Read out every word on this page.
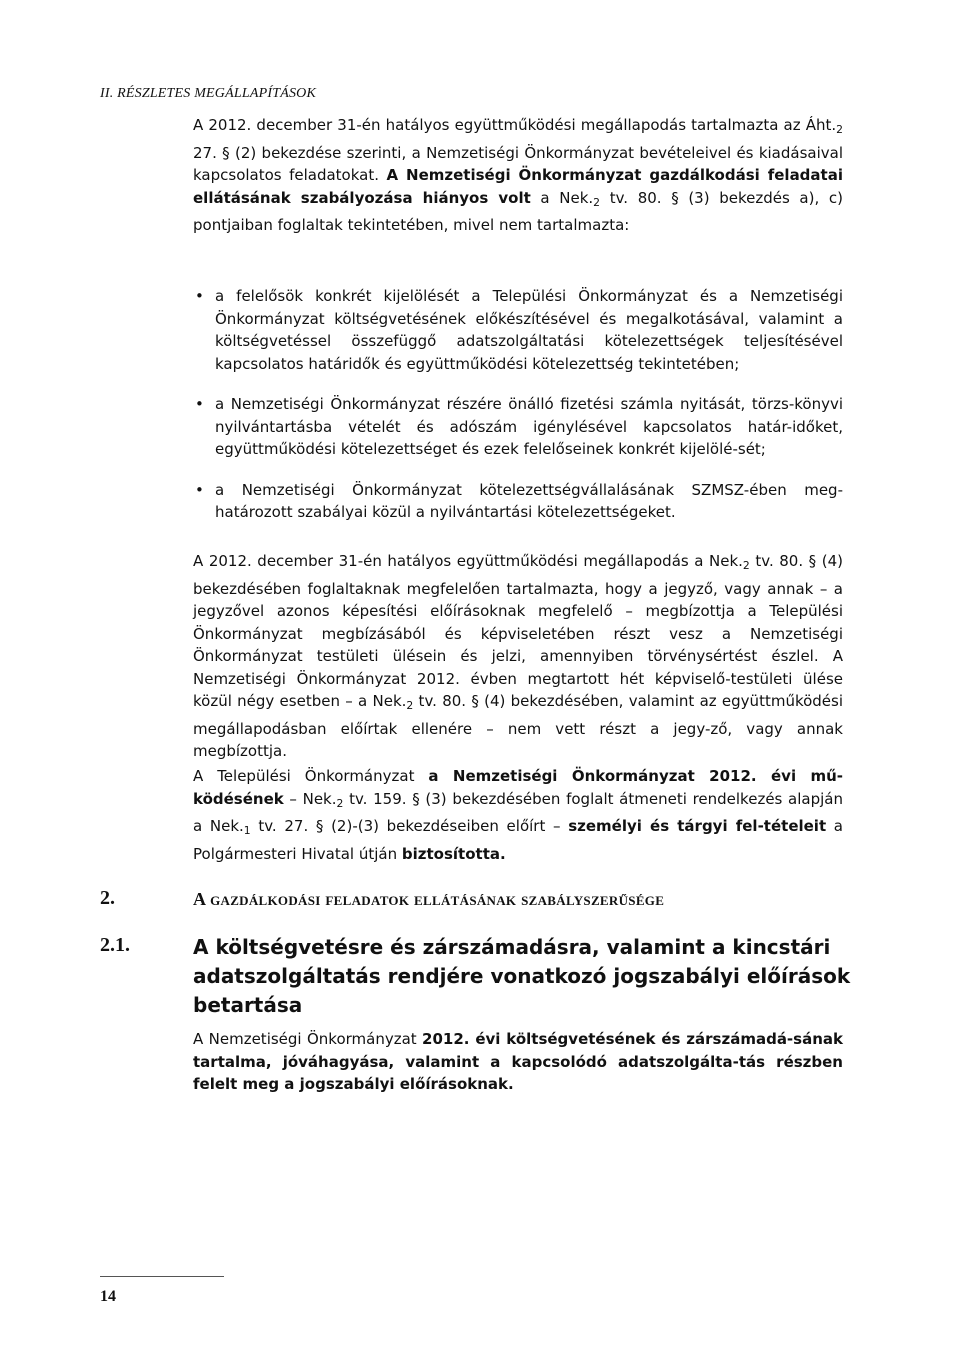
II. RÉSZLETES MEGÁLLAPÍTÁSOK

A 2012. december 31-én hatályos együttműködési megállapodás tartalmazta az $Áht._2$ 27. § (2) bekezdése szerinti, a Nemzetiségi Önkormányzat bevételeivel és kiadásaival kapcsolatos feladatokat. A Nemzetiségi Önkormányzat gazdálkodási feladatai ellátásának szabályozása hiányos volt a $Nek._2$ tv. 80. § (3) bekezdés a), c) pontjaiban foglaltak tekintetében, mivel nem tartalmazta:

• a felelősök konkrét kijelölését a Települési Önkormányzat és a Nemzetiségi Önkormányzat költségvetésének előkészítésével és megalkotásával, valamint a költségvetéssel összefüggő adatszolgáltatási kötelezettségek teljesítésével kapcsolatos határidők és együttműködési kötelezettség tekintetében;
• a Nemzetiségi Önkormányzat részére önálló fizetési számla nyitását, törzs-könyvi nyilvántartásba vételét és adószám igénylésével kapcsolatos határ-időket, együttműködési kötelezettséget és ezek felelőseinek konkrét kijelölé-sét;
• a Nemzetiségi Önkormányzat kötelezettségvállalásának SZMSZ-ében meg-határozott szabályai közül a nyilvántartási kötelezettségeket.

A 2012. december 31-én hatályos együttműködési megállapodás a $Nek._2$ tv. 80. § (4) bekezdésében foglaltaknak megfelelően tartalmazta, hogy a jegyző, vagy annak – a jegyzővel azonos képesítési előírásoknak megfelelő – megbízottja a Települési Önkormányzat megbízásából és képviseletében részt vesz a Nemzetiségi Önkormányzat testületi ülésein és jelzi, amennyiben törvénysértést észlel. A Nemzetiségi Önkormányzat 2012. évben megtartott hét képviselő-testületi ülése közül négy esetben – a $Nek._2$ tv. 80. § (4) bekezdésében, valamint az együttműködési megállapodásban előírtak ellenére – nem vett részt a jegy-ző, vagy annak megbízottja.

A Települési Önkormányzat a Nemzetiségi Önkormányzat 2012. évi mű-ködésének – $Nek._2$ tv. 159. § (3) bekezdésében foglalt átmeneti rendelkezés alapján a $Nek._1$ tv. 27. § (2)-(3) bekezdéseiben előírt – személyi és tárgyi fel-tételeit a Polgármesteri Hivatal útján biztosította.

2.	A gazdálkodási feladatok ellátásának szabályszerűsége
2.1.	A költségvetésre és zárszámadásra, valamint a kincstári adatszolgáltatás rendjére vonatkozó jogszabályi előírások betartása

A Nemzetiségi Önkormányzat 2012. évi költségvetésének és zárszámadá-sának tartalma, jóváhagyása, valamint a kapcsolódó adatszolgálta-tás részben felelt meg a jogszabályi előírásoknak.

14
